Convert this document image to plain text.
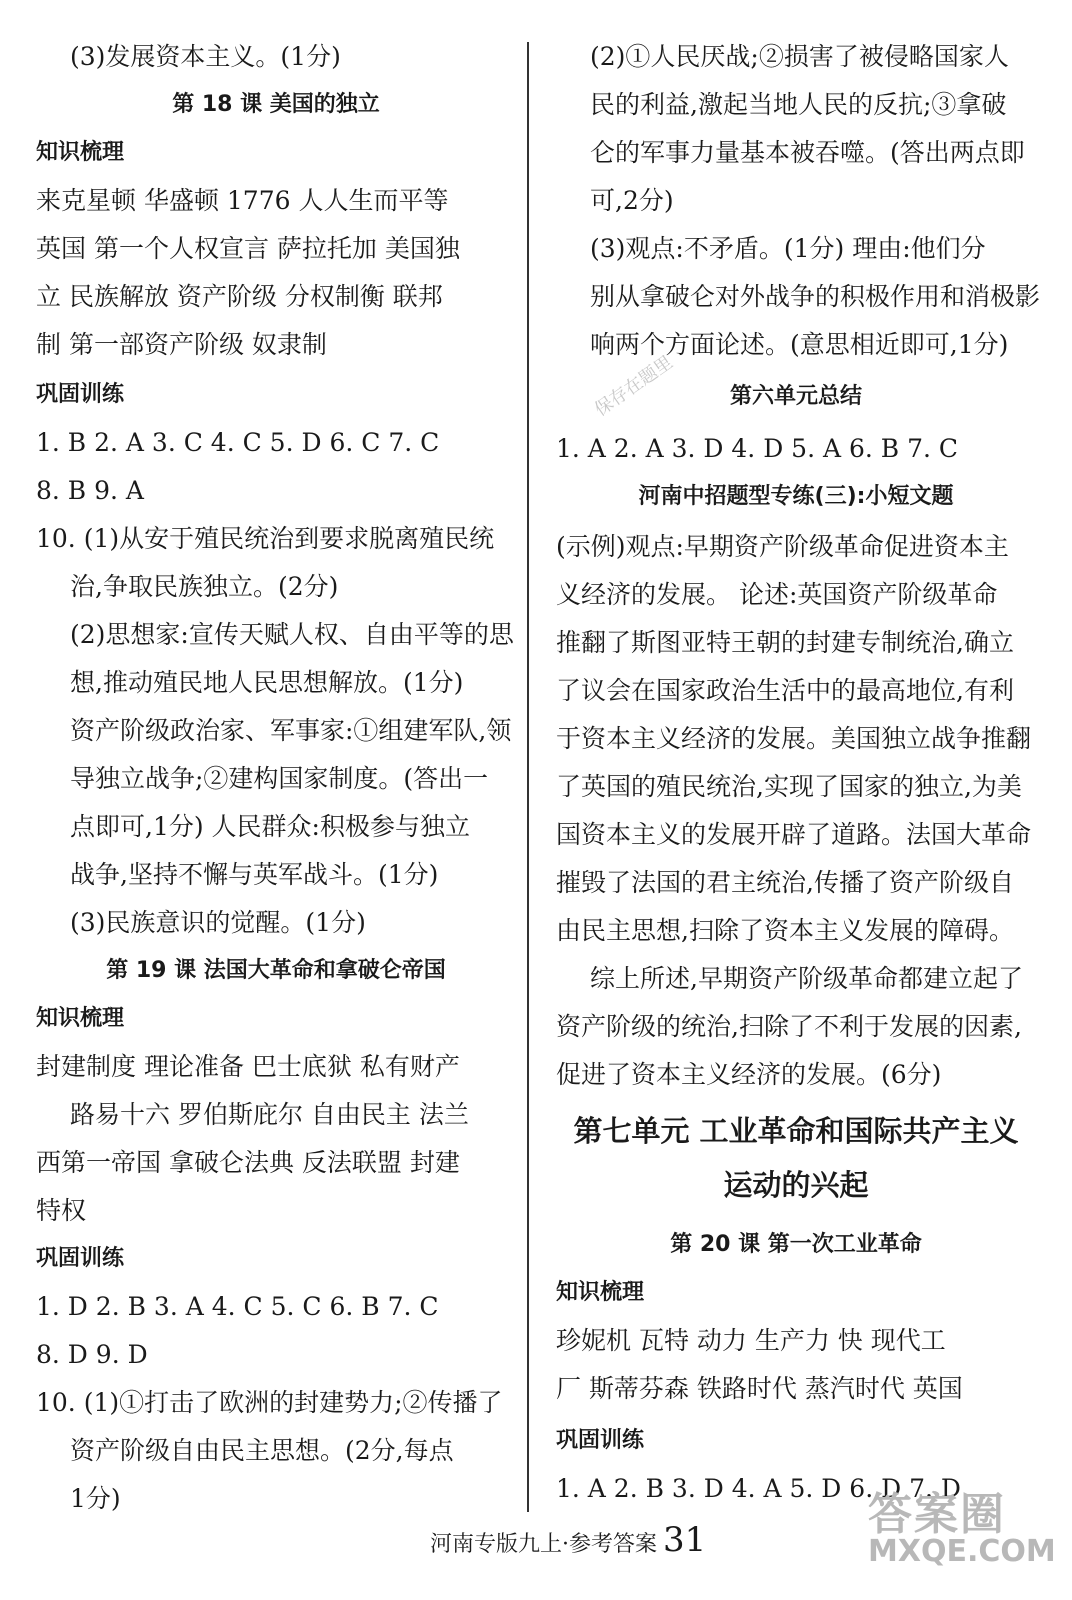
(3)发展资本主义。(1分)
第 18 课 美国的独立
知识梳理
来克星顿 华盛顿 1776 人人生而平等
英国 第一个人权宣言 萨拉托加 美国独
立 民族解放 资产阶级 分权制衡 联邦
制 第一部资产阶级 奴隶制
巩固训练
1. B 2. A 3. C 4. C 5. D 6. C 7. C
8. B 9. A
10. (1)从安于殖民统治到要求脱离殖民统
治,争取民族独立。(2分)
(2)思想家:宣传天赋人权、自由平等的思
想,推动殖民地人民思想解放。(1分)
资产阶级政治家、军事家:①组建军队,领
导独立战争;②建构国家制度。(答出一
点即可,1分) 人民群众:积极参与独立
战争,坚持不懈与英军战斗。(1分)
(3)民族意识的觉醒。(1分)
第 19 课 法国大革命和拿破仑帝国
知识梳理
封建制度 理论准备 巴士底狱 私有财产
路易十六 罗伯斯庇尔 自由民主 法兰
西第一帝国 拿破仑法典 反法联盟 封建
特权
巩固训练
1. D 2. B 3. A 4. C 5. C 6. B 7. C
8. D 9. D
10. (1)①打击了欧洲的封建势力;②传播了
资产阶级自由民主思想。(2分,每点
1分)
(2)①人民厌战;②损害了被侵略国家人
民的利益,激起当地人民的反抗;③拿破
仑的军事力量基本被吞噬。(答出两点即
可,2分)
(3)观点:不矛盾。(1分) 理由:他们分
别从拿破仑对外战争的积极作用和消极影
响两个方面论述。(意思相近即可,1分)
第六单元总结
1. A 2. A 3. D 4. D 5. A 6. B 7. C
河南中招题型专练(三):小短文题
(示例)观点:早期资产阶级革命促进资本主
义经济的发展。 论述:英国资产阶级革命
推翻了斯图亚特王朝的封建专制统治,确立
了议会在国家政治生活中的最高地位,有利
于资本主义经济的发展。美国独立战争推翻
了英国的殖民统治,实现了国家的独立,为美
国资本主义的发展开辟了道路。法国大革命
摧毁了法国的君主统治,传播了资产阶级自
由民主思想,扫除了资本主义发展的障碍。
综上所述,早期资产阶级革命都建立起了
资产阶级的统治,扫除了不利于发展的因素,
促进了资本主义经济的发展。(6分)
第七单元 工业革命和国际共产主义
运动的兴起
第 20 课 第一次工业革命
知识梳理
珍妮机 瓦特 动力 生产力 快 现代工
厂 斯蒂芬森 铁路时代 蒸汽时代 英国
巩固训练
1. A 2. B 3. D 4. A 5. D 6. D 7. D
保存在题里
河南专版九上·参考答案 31	答案圈
MXQE.COM
